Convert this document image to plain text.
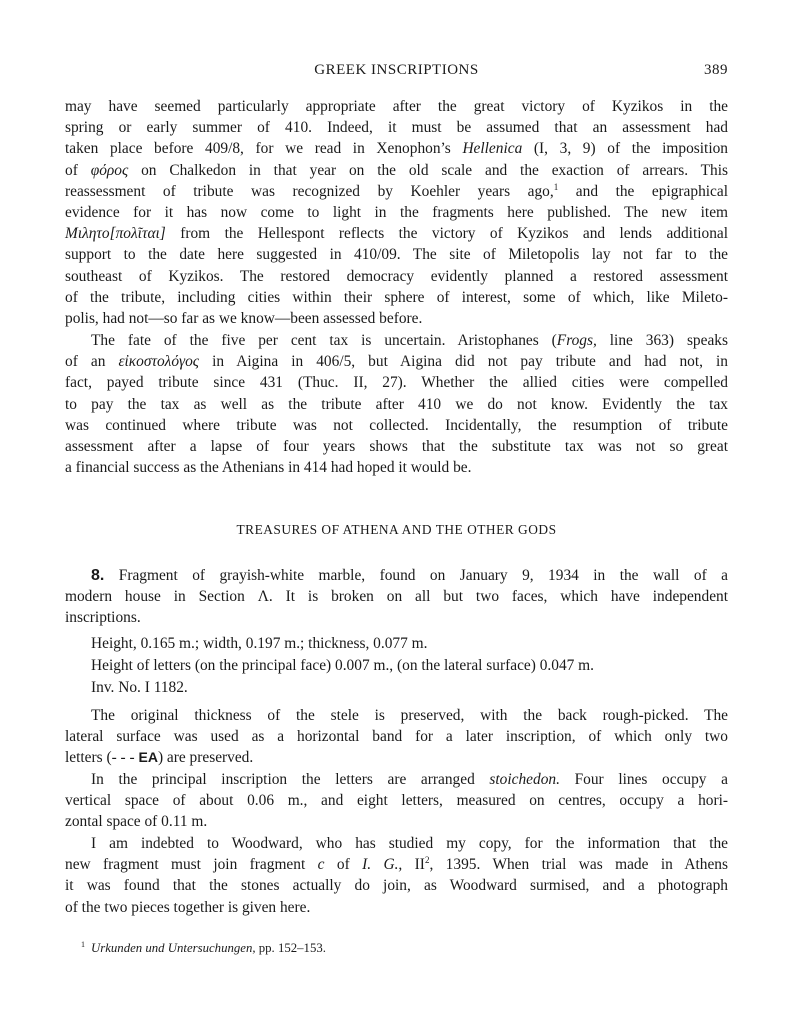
GREEK INSCRIPTIONS	389
may have seemed particularly appropriate after the great victory of Kyzikos in the
spring or early summer of 410. Indeed, it must be assumed that an assessment had
taken place before 409/8, for we read in Xenophon’s Hellenica (I, 3, 9) of the imposition
of φόρος on Chalkedon in that year on the old scale and the exaction of arrears. This
reassessment of tribute was recognized by Koehler years ago,$^1$ and the epigraphical
evidence for it has now come to light in the fragments here published. The new item
Μιλητο[πολῖται] from the Hellespont reflects the victory of Kyzikos and lends additional
support to the date here suggested in 410/09. The site of Miletopolis lay not far to the
southeast of Kyzikos. The restored democracy evidently planned a restored assessment
of the tribute, including cities within their sphere of interest, some of which, like Mileto-
polis, had not—so far as we know—been assessed before.
The fate of the five per cent tax is uncertain. Aristophanes (Frogs, line 363) speaks
of an εἰκοστολόγος in Aigina in 406/5, but Aigina did not pay tribute and had not, in
fact, payed tribute since 431 (Thuc. II, 27). Whether the allied cities were compelled
to pay the tax as well as the tribute after 410 we do not know. Evidently the tax
was continued where tribute was not collected. Incidentally, the resumption of tribute
assessment after a lapse of four years shows that the substitute tax was not so great
a financial success as the Athenians in 414 had hoped it would be.
TREASURES OF ATHENA AND THE OTHER GODS
8. Fragment of grayish-white marble, found on January 9, 1934 in the wall of a
modern house in Section Λ. It is broken on all but two faces, which have independent
inscriptions.
Height, 0.165 m.; width, 0.197 m.; thickness, 0.077 m.
Height of letters (on the principal face) 0.007 m., (on the lateral surface) 0.047 m.
Inv. No. I 1182.
The original thickness of the stele is preserved, with the back rough-picked. The
lateral surface was used as a horizontal band for a later inscription, of which only two
letters (- - - EA) are preserved.
In the principal inscription the letters are arranged stoichedon. Four lines occupy a
vertical space of about 0.06 m., and eight letters, measured on centres, occupy a hori-
zontal space of 0.11 m.
I am indebted to Woodward, who has studied my copy, for the information that the
new fragment must join fragment c of I. G., $II^2$, 1395. When trial was made in Athens
it was found that the stones actually do join, as Woodward surmised, and a photograph
of the two pieces together is given here.
$^1$ Urkunden und Untersuchungen, pp. 152–153.
